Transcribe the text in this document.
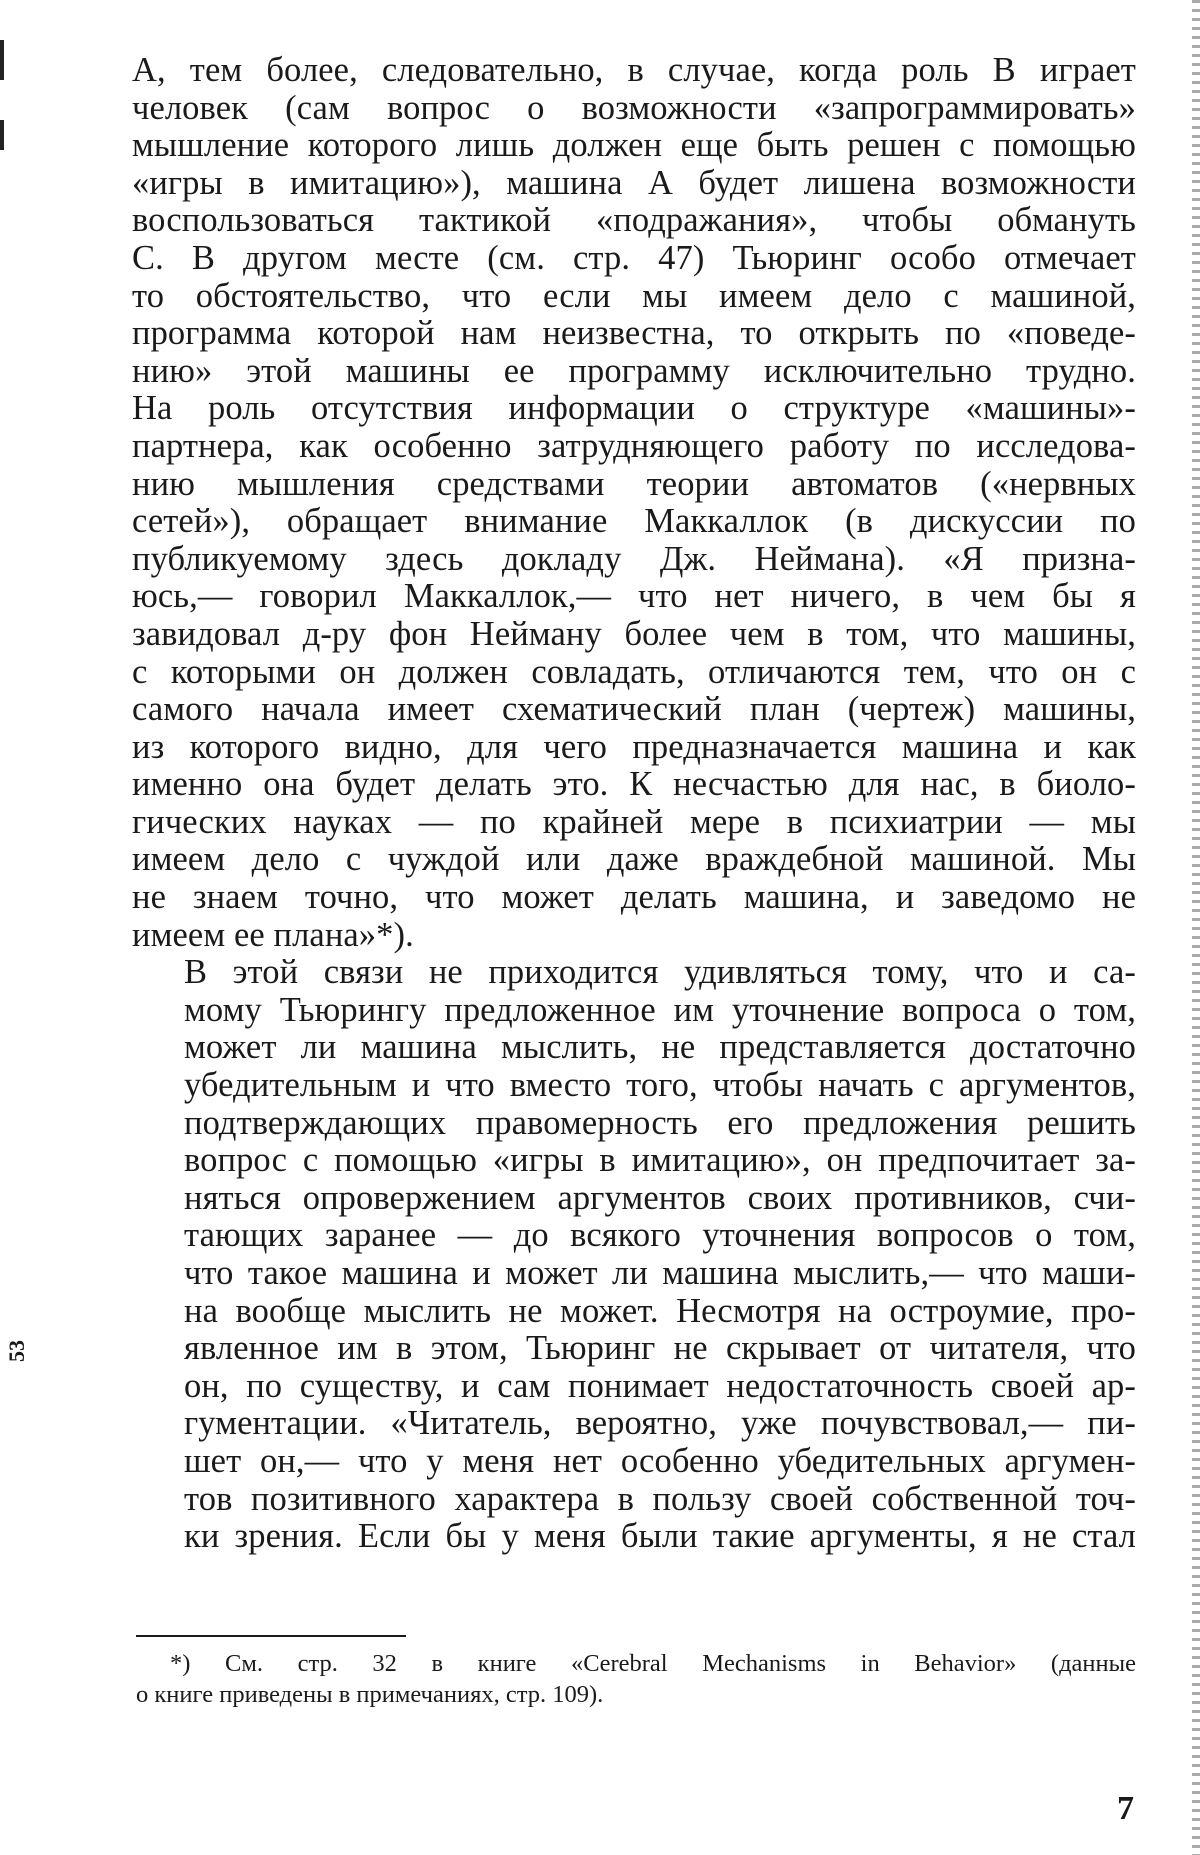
А, тем более, следовательно, в случае, когда роль В играет
человек (сам вопрос о возможности «запрограммировать»
мышление которого лишь должен еще быть решен с помощью
«игры в имитацию»), машина А будет лишена возможности
воспользоваться тактикой «подражания», чтобы обмануть
С. В другом месте (см. стр. 47) Тьюринг особо отмечает
то обстоятельство, что если мы имеем дело с машиной,
программа которой нам неизвестна, то открыть по «поведе-
нию» этой машины ее программу исключительно трудно.
На роль отсутствия информации о структуре «машины»-
партнера, как особенно затрудняющего работу по исследова-
нию мышления средствами теории автоматов («нервных
сетей»), обращает внимание Маккаллок (в дискуссии по
публикуемому здесь докладу Дж. Неймана). «Я призна-
юсь,— говорил Маккаллок,— что нет ничего, в чем бы я
завидовал д-ру фон Нейману более чем в том, что машины,
с которыми он должен совладать, отличаются тем, что он с
самого начала имеет схематический план (чертеж) машины,
из которого видно, для чего предназначается машина и как
именно она будет делать это. К несчастью для нас, в биоло-
гических науках — по крайней мере в психиатрии — мы
имеем дело с чуждой или даже враждебной машиной. Мы
не знаем точно, что может делать машина, и заведомо не
имеем ее плана»*).

В этой связи не приходится удивляться тому, что и са-
мому Тьюрингу предложенное им уточнение вопроса о том,
может ли машина мыслить, не представляется достаточно
убедительным и что вместо того, чтобы начать с аргументов,
подтверждающих правомерность его предложения решить
вопрос с помощью «игры в имитацию», он предпочитает за-
няться опровержением аргументов своих противников, счи-
тающих заранее — до всякого уточнения вопросов о том,
что такое машина и может ли машина мыслить,— что маши-
на вообще мыслить не может. Несмотря на остроумие, про-
явленное им в этом, Тьюринг не скрывает от читателя, что
он, по существу, и сам понимает недостаточность своей ар-
гументации. «Читатель, вероятно, уже почувствовал,— пи-
шет он,— что у меня нет особенно убедительных аргумен-
тов позитивного характера в пользу своей собственной точ-
ки зрения. Если бы у меня были такие аргументы, я не стал

*) См. стр. 32 в книге «Cerebral Mechanisms in Behavior» (данные
о книге приведены в примечаниях, стр. 109).
7
53
